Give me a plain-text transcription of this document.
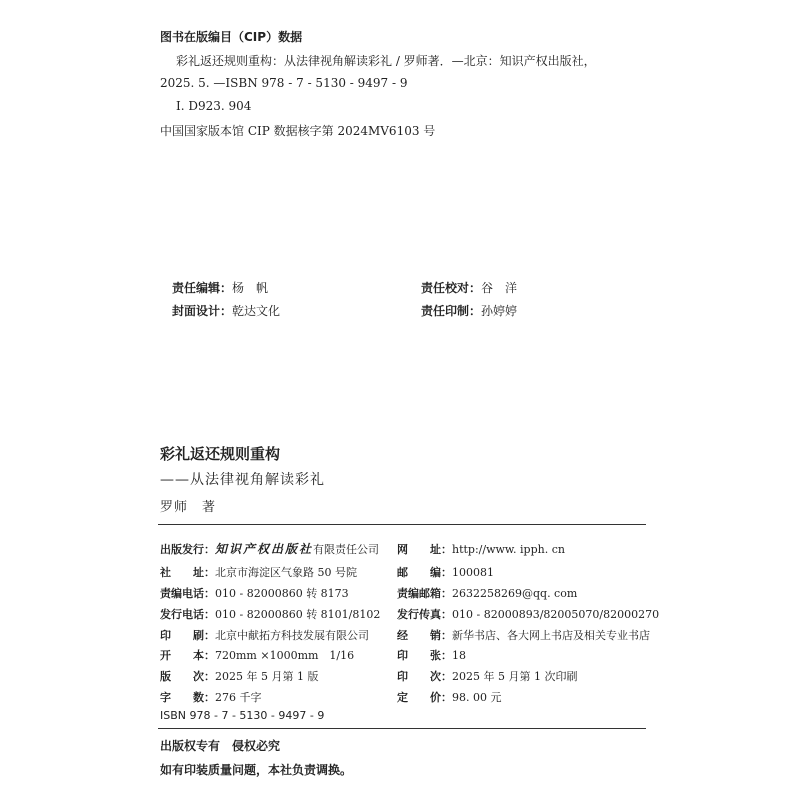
图书在版编目（CIP）数据
彩礼返还规则重构：从法律视角解读彩礼 / 罗师著．—北京：知识产权出版社，
2025. 5. —ISBN 978 - 7 - 5130 - 9497 - 9
Ⅰ. D923. 904
中国国家版本馆 CIP 数据核字第 2024MV6103 号
责任编辑：杨　帆	责任校对：谷　洋
封面设计：乾达文化	责任印制：孙婷婷
彩礼返还规则重构
——从法律视角解读彩礼
罗师　著
出版发行：知识产权出版社有限责任公司 网　　址：http://www. ipph. cn
社　　址：北京市海淀区气象路 50 号院	邮　　编：100081
责编电话：010 - 82000860 转 8173	责编邮箱：2632258269@qq. com
发行电话：010 - 82000860 转 8101/8102 发行传真：010 - 82000893/82005070/82000270
印　　刷：北京中献拓方科技发展有限公司	经　　销：新华书店、各大网上书店及相关专业书店
开　　本：720mm ×1000mm　1/16	印　　张：18
版　　次：2025 年 5 月第 1 版	印　　次：2025 年 5 月第 1 次印刷
字　　数：276 千字	定　　价：98. 00 元
ISBN 978 - 7 - 5130 - 9497 - 9
出版权专有　侵权必究
如有印装质量问题，本社负责调换。
